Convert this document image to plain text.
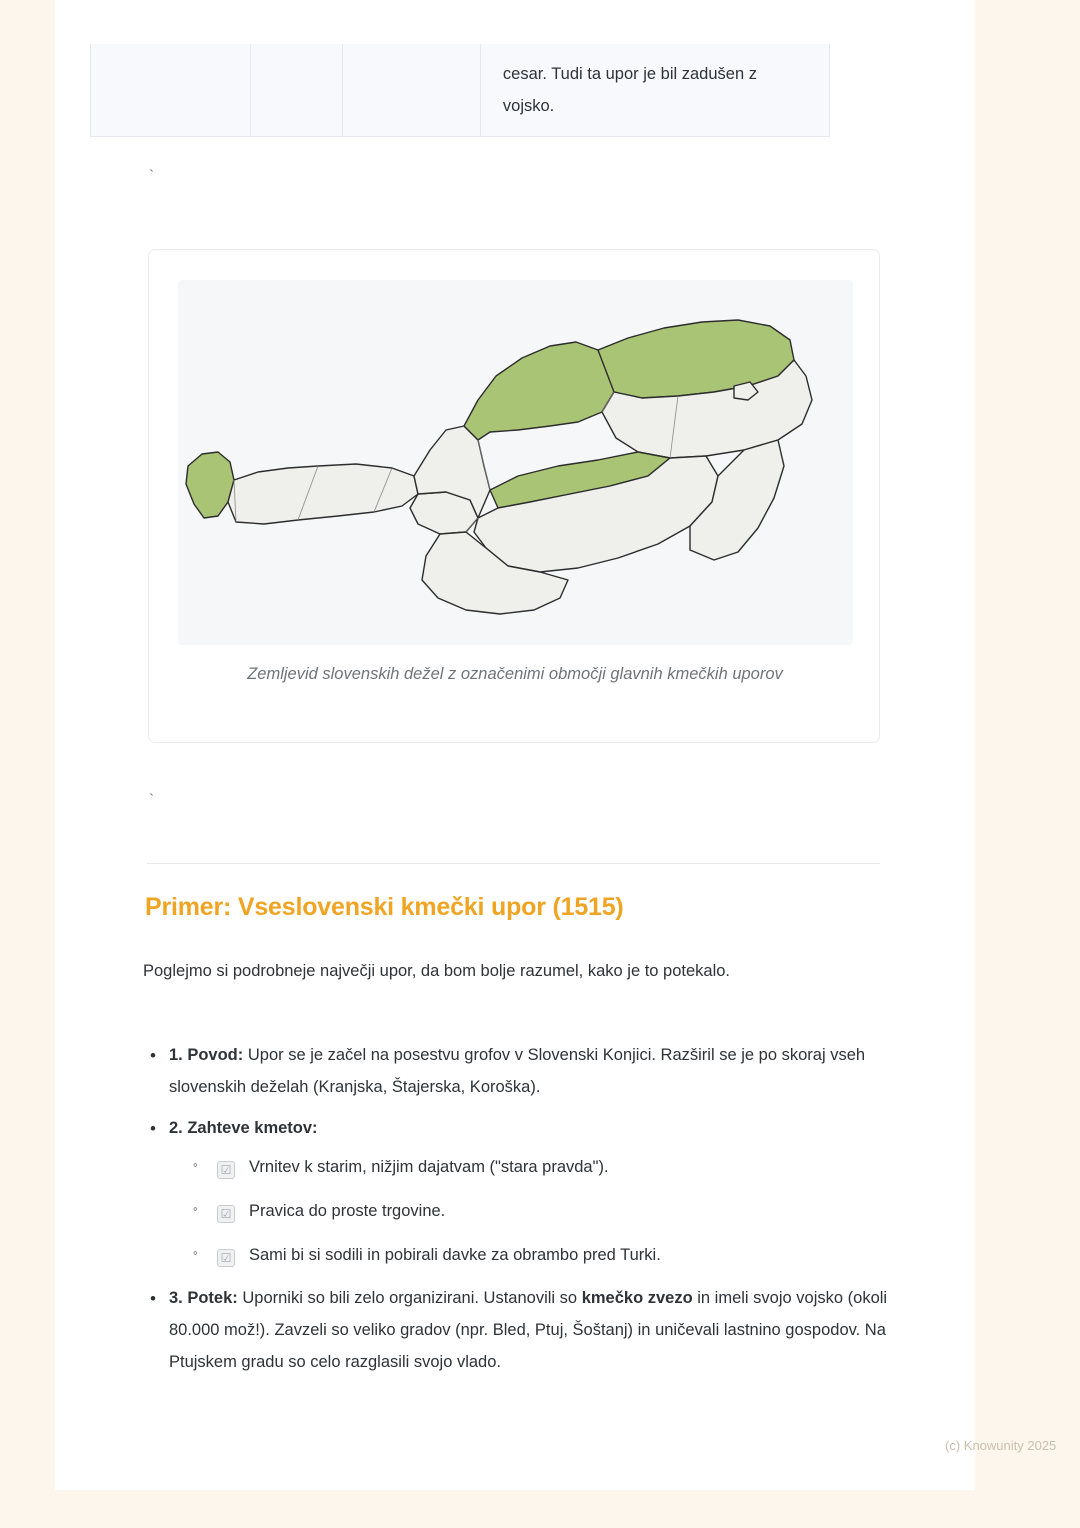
cesar. Tudi ta upor je bil zadušen z vojsko.
`
Zemljevid slovenskih dežel z označenimi območji glavnih kmečkih uporov
`
Primer: Vseslovenski kmečki upor (1515)
Poglejmo si podrobneje največji upor, da bom bolje razumel, kako je to potekalo.
• 1. Povod: Upor se je začel na posestvu grofov v Slovenski Konjici. Razširil se je po skoraj vseh slovenskih deželah (Kranjska, Štajerska, Koroška).
• 2. Zahteve kmetov:
◦ ☑ Vrnitev k starim, nižjim dajatvam ("stara pravda").
◦ ☑ Pravica do proste trgovine.
◦ ☑ Sami bi si sodili in pobirali davke za obrambo pred Turki.
• 3. Potek: Uporniki so bili zelo organizirani. Ustanovili so kmečko zvezo in imeli svojo vojsko (okoli 80.000 mož!). Zavzeli so veliko gradov (npr. Bled, Ptuj, Šoštanj) in uničevali lastnino gospodov. Na Ptujskem gradu so celo razglasili svojo vlado.
(c) Knowunity 2025
